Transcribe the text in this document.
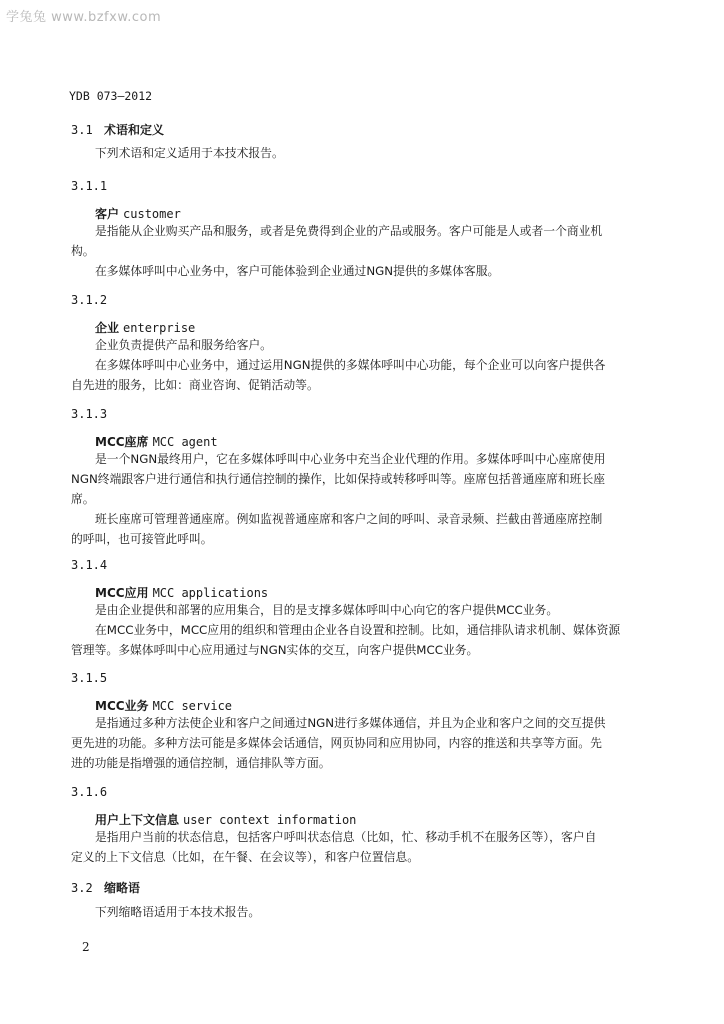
学兔兔 www.bzfxw.com
YDB 073—2012
3.1 术语和定义

下列术语和定义适用于本技术报告。

3.1.1
客户 customer

是指能从企业购买产品和服务，或者是免费得到企业的产品或服务。客户可能是人或者一个商业机
构。

在多媒体呼叫中心业务中，客户可能体验到企业通过NGN提供的多媒体客服。

3.1.2
企业 enterprise

企业负责提供产品和服务给客户。

在多媒体呼叫中心业务中，通过运用NGN提供的多媒体呼叫中心功能，每个企业可以向客户提供各
自先进的服务，比如：商业咨询、促销活动等。

3.1.3
MCC座席 MCC agent

是一个NGN最终用户，它在多媒体呼叫中心业务中充当企业代理的作用。多媒体呼叫中心座席使用
NGN终端跟客户进行通信和执行通信控制的操作，比如保持或转移呼叫等。座席包括普通座席和班长座
席。

班长座席可管理普通座席。例如监视普通座席和客户之间的呼叫、录音录频、拦截由普通座席控制
的呼叫，也可接管此呼叫。

3.1.4
MCC应用 MCC applications

是由企业提供和部署的应用集合，目的是支撑多媒体呼叫中心向它的客户提供MCC业务。

在MCC业务中，MCC应用的组织和管理由企业各自设置和控制。比如，通信排队请求机制、媒体资源
管理等。多媒体呼叫中心应用通过与NGN实体的交互，向客户提供MCC业务。

3.1.5
MCC业务 MCC service

是指通过多种方法使企业和客户之间通过NGN进行多媒体通信，并且为企业和客户之间的交互提供
更先进的功能。多种方法可能是多媒体会话通信，网页协同和应用协同，内容的推送和共享等方面。先
进的功能是指增强的通信控制，通信排队等方面。

3.1.6
用户上下文信息 user context information

是指用户当前的状态信息，包括客户呼叫状态信息（比如，忙、移动手机不在服务区等），客户自
定义的上下文信息（比如，在午餐、在会议等），和客户位置信息。

3.2 缩略语

下列缩略语适用于本技术报告。

2
